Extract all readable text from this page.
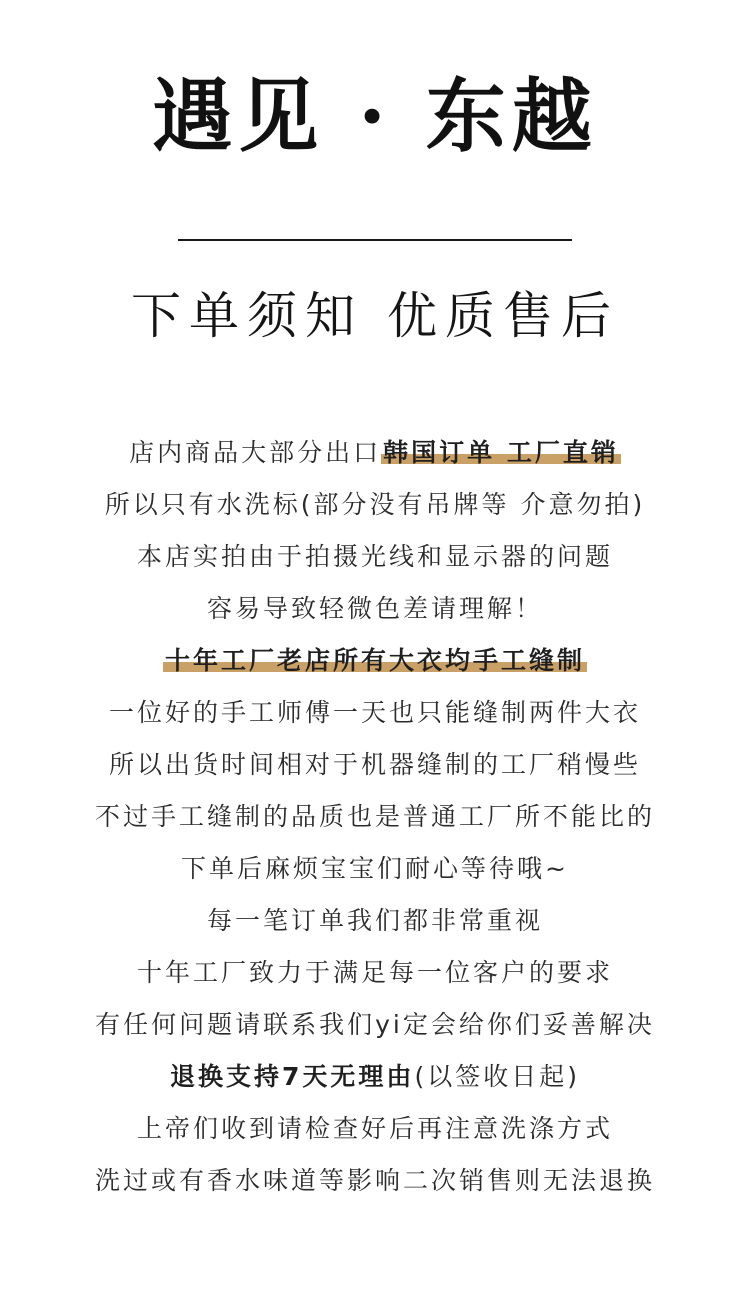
遇见 · 东越
下单须知 优质售后
店内商品大部分出口韩国订单 工厂直销
所以只有水洗标(部分没有吊牌等 介意勿拍)
本店实拍由于拍摄光线和显示器的问题
容易导致轻微色差请理解！
十年工厂老店所有大衣均手工缝制
一位好的手工师傅一天也只能缝制两件大衣
所以出货时间相对于机器缝制的工厂稍慢些
不过手工缝制的品质也是普通工厂所不能比的
下单后麻烦宝宝们耐心等待哦~
每一笔订单我们都非常重视
十年工厂致力于满足每一位客户的要求
有任何问题请联系我们yi定会给你们妥善解决
退换支持7天无理由(以签收日起)
上帝们收到请检查好后再注意洗涤方式
洗过或有香水味道等影响二次销售则无法退换
